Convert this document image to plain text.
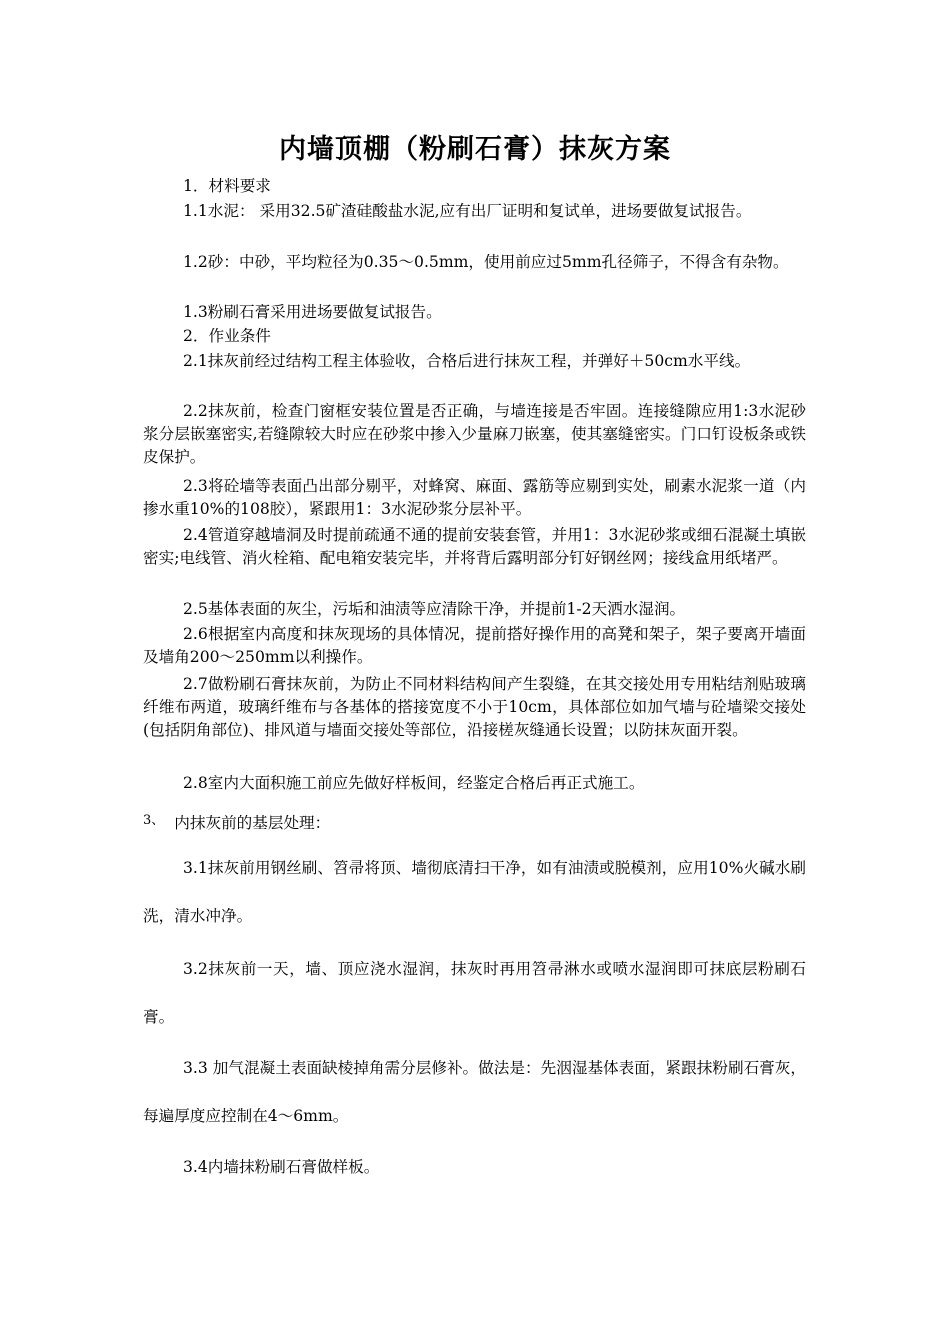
内墙顶棚（粉刷石膏）抹灰方案

1．材料要求

1.1水泥： 采用32.5矿渣硅酸盐水泥,应有出厂证明和复试单，进场要做复试报告。

1.2砂：中砂，平均粒径为0.35～0.5mm，使用前应过5mm孔径筛子，不得含有杂物。

1.3粉刷石膏采用进场要做复试报告。

2．作业条件

2.1抹灰前经过结构工程主体验收，合格后进行抹灰工程，并弹好＋50cm水平线。

2.2抹灰前，检查门窗框安装位置是否正确，与墙连接是否牢固。连接缝隙应用1:3水泥砂浆分层嵌塞密实,若缝隙较大时应在砂浆中掺入少量麻刀嵌塞，使其塞缝密实。门口钉设板条或铁皮保护。

2.3将砼墙等表面凸出部分剔平，对蜂窝、麻面、露筋等应剔到实处，刷素水泥浆一道（内掺水重10%的108胶），紧跟用1：3水泥砂浆分层补平。

2.4管道穿越墙洞及时提前疏通不通的提前安装套管，并用1：3水泥砂浆或细石混凝土填嵌密实;电线管、消火栓箱、配电箱安装完毕，并将背后露明部分钉好钢丝网；接线盒用纸堵严。

2.5基体表面的灰尘，污垢和油渍等应清除干净，并提前1-2天洒水湿润。

2.6根据室内高度和抹灰现场的具体情况，提前搭好操作用的高凳和架子，架子要离开墙面及墙角200～250mm以利操作。

2.7做粉刷石膏抹灰前，为防止不同材料结构间产生裂缝，在其交接处用专用粘结剂贴玻璃纤维布两道，玻璃纤维布与各基体的搭接宽度不小于10cm，具体部位如加气墙与砼墙梁交接处(包括阴角部位)、排风道与墙面交接处等部位，沿接槎灰缝通长设置；以防抹灰面开裂。

2.8室内大面积施工前应先做好样板间，经鉴定合格后再正式施工。

$^{3、}$ 内抹灰前的基层处理：

3.1抹灰前用钢丝刷、笤帚将顶、墙彻底清扫干净，如有油渍或脱模剂，应用10%火碱水刷洗，清水冲净。

3.2抹灰前一天，墙、顶应浇水湿润，抹灰时再用笤帚淋水或喷水湿润即可抹底层粉刷石膏。

3.3 加气混凝土表面缺棱掉角需分层修补。做法是：先洇湿基体表面，紧跟抹粉刷石膏灰，每遍厚度应控制在4～6mm。

3.4内墙抹粉刷石膏做样板。
